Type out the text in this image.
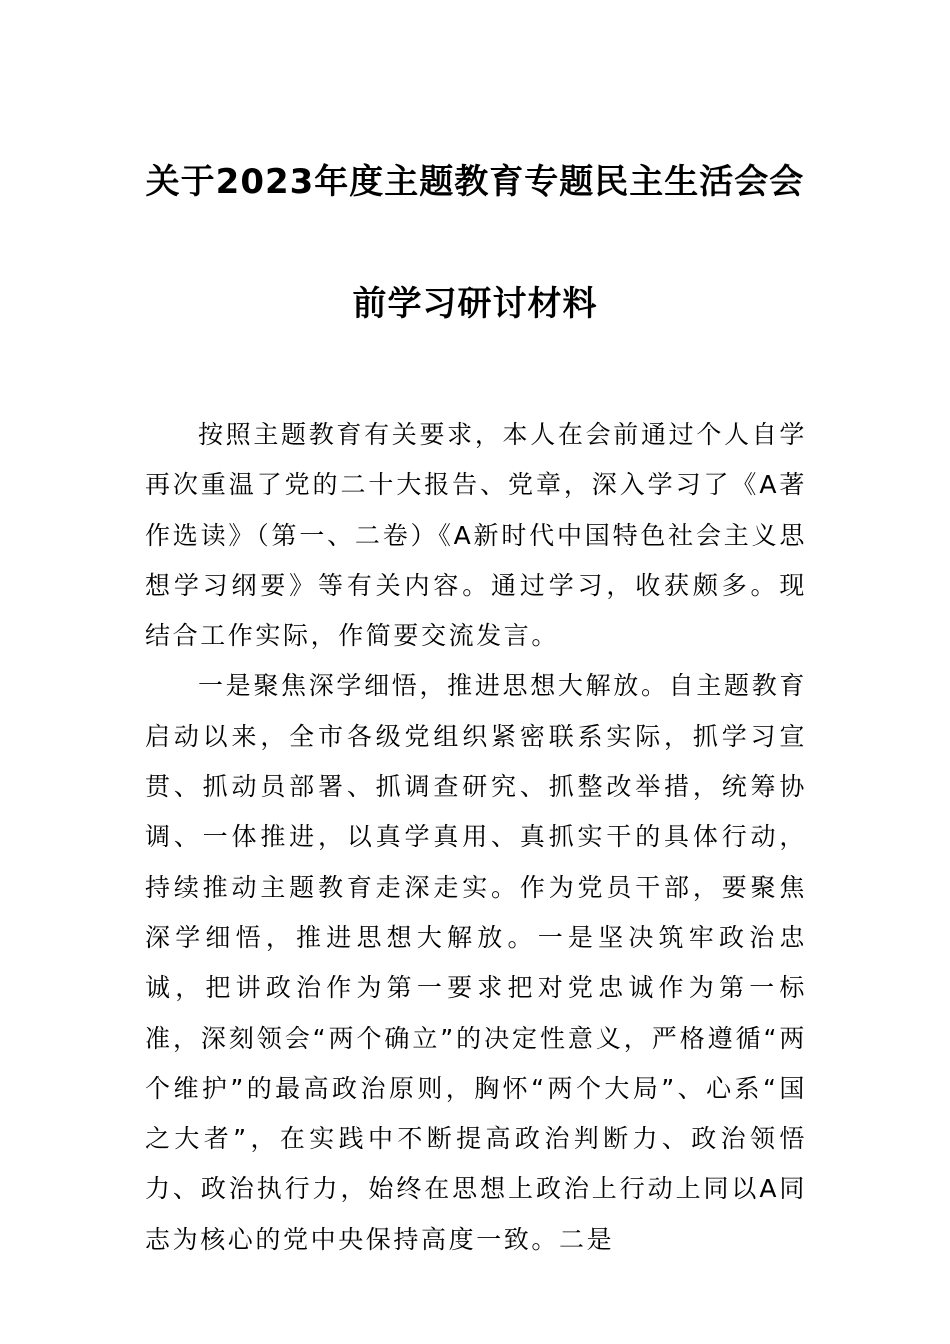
关于2023年度主题教育专题民主生活会会
前学习研讨材料

按照主题教育有关要求，本人在会前通过个人自学再次重温了党的二十大报告、党章，深入学习了《A著作选读》（第一、二卷）《A新时代中国特色社会主义思想学习纲要》等有关内容。通过学习，收获颇多。现结合工作实际，作简要交流发言。

一是聚焦深学细悟，推进思想大解放。自主题教育启动以来，全市各级党组织紧密联系实际，抓学习宣贯、抓动员部署、抓调查研究、抓整改举措，统筹协调、一体推进，以真学真用、真抓实干的具体行动，持续推动主题教育走深走实。作为党员干部，要聚焦深学细悟，推进思想大解放。一是坚决筑牢政治忠诚，把讲政治作为第一要求把对党忠诚作为第一标准，深刻领会“两个确立”的决定性意义，严格遵循“两个维护”的最高政治原则，胸怀“两个大局”、心系“国之大者”，在实践中不断提高政治判断力、政治领悟力、政治执行力，始终在思想上政治上行动上同以A同志为核心的党中央保持高度一致。二是
